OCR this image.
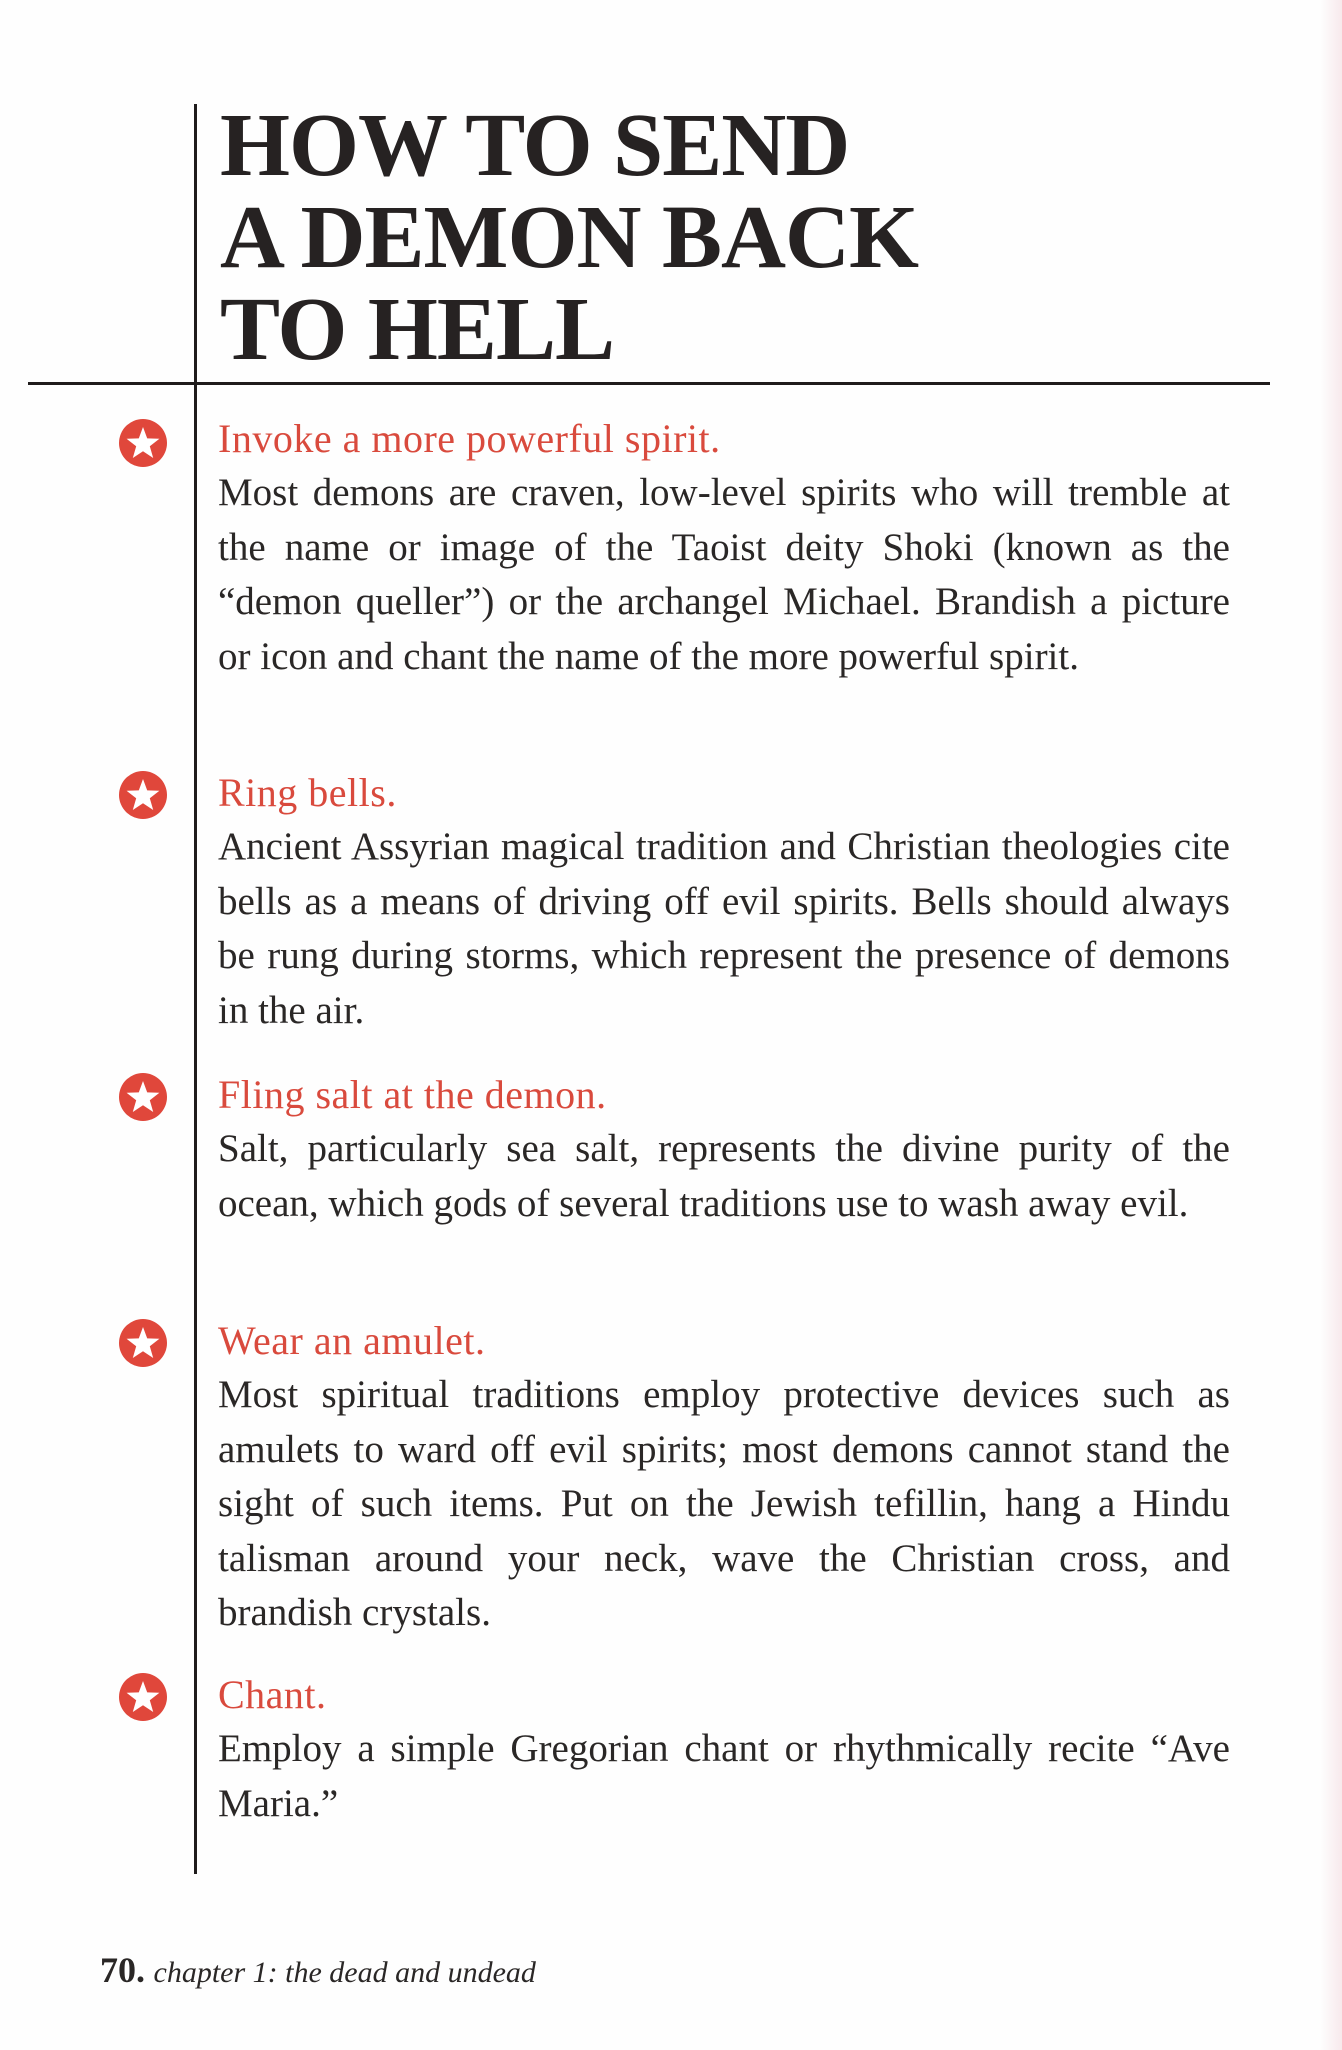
HOW TO SEND
A DEMON BACK
TO HELL
Invoke a more powerful spirit.

Most demons are craven, low-level spirits who will tremble at the name or image of the Taoist deity Shoki (known as the “demon queller”) or the archangel Michael. Brandish a picture or icon and chant the name of the more powerful spirit.

Ring bells.

Ancient Assyrian magical tradition and Christian theologies cite bells as a means of driving off evil spirits. Bells should always be rung during storms, which represent the presence of demons in the air.

Fling salt at the demon.

Salt, particularly sea salt, represents the divine purity of the ocean, which gods of several traditions use to wash away evil.

Wear an amulet.

Most spiritual traditions employ protective devices such as amulets to ward off evil spirits; most demons cannot stand the sight of such items. Put on the Jewish tefillin, hang a Hindu talisman around your neck, wave the Christian cross, and brandish crystals.

Chant.

Employ a simple Gregorian chant or rhythmically recite “Ave Maria.”

70. chapter 1: the dead and undead
